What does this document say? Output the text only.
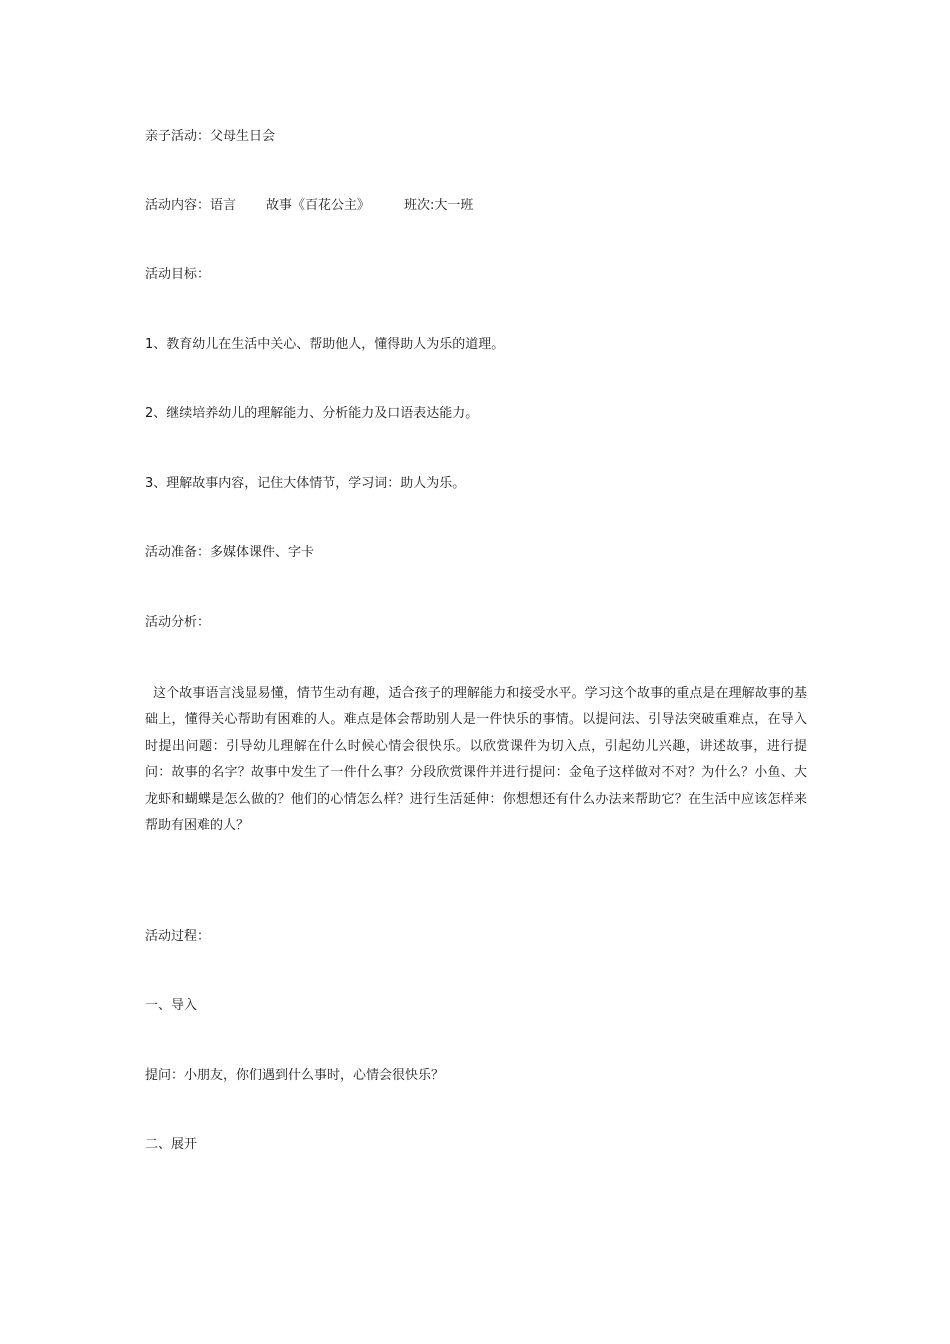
亲子活动：父母生日会

活动内容：语言 故事《百花公主》	班次:大一班

活动目标：

1、教育幼儿在生活中关心、帮助他人，懂得助人为乐的道理。

2、继续培养幼儿的理解能力、分析能力及口语表达能力。

3、理解故事内容，记住大体情节，学习词：助人为乐。

活动准备：多媒体课件、字卡

活动分析：

这个故事语言浅显易懂，情节生动有趣，适合孩子的理解能力和接受水平。学习这个故事的重点是在理解故事的基础上，懂得关心帮助有困难的人。难点是体会帮助别人是一件快乐的事情。以提问法、引导法突破重难点，在导入时提出问题：引导幼儿理解在什么时候心情会很快乐。以欣赏课件为切入点，引起幼儿兴趣，讲述故事，进行提问：故事的名字？故事中发生了一件什么事？分段欣赏课件并进行提问：金龟子这样做对不对？为什么？小鱼、大龙虾和蝴蝶是怎么做的？他们的心情怎么样？进行生活延伸：你想想还有什么办法来帮助它？在生活中应该怎样来帮助有困难的人？

活动过程：

一、导入

提问：小朋友，你们遇到什么事时，心情会很快乐？

二、展开
